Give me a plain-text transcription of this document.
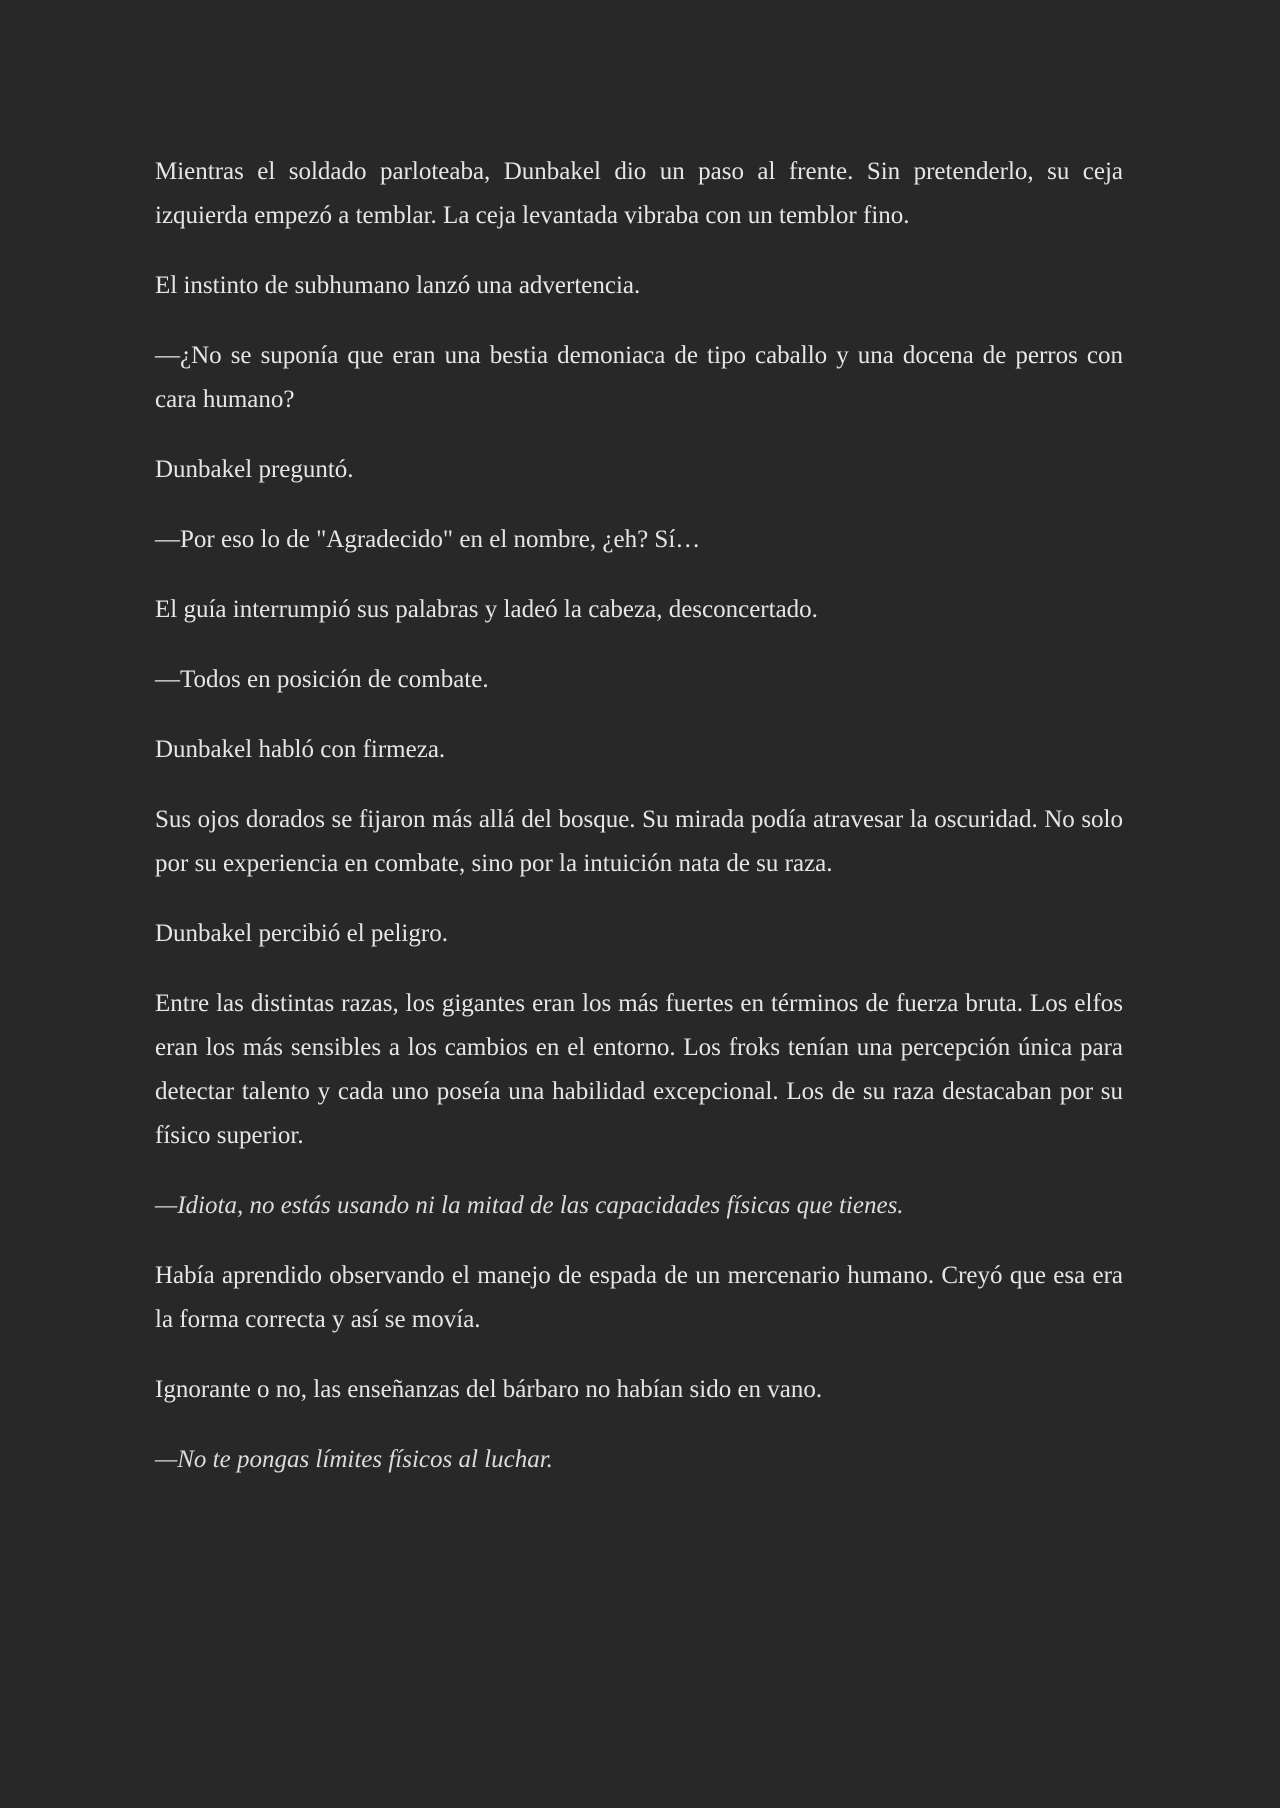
Mientras el soldado parloteaba, Dunbakel dio un paso al frente. Sin pretenderlo, su ceja izquierda empezó a temblar. La ceja levantada vibraba con un temblor fino.

El instinto de subhumano lanzó una advertencia.

—¿No se suponía que eran una bestia demoniaca de tipo caballo y una docena de perros con cara humano?

Dunbakel preguntó.

—Por eso lo de "Agradecido" en el nombre, ¿eh? Sí…

El guía interrumpió sus palabras y ladeó la cabeza, desconcertado.

—Todos en posición de combate.

Dunbakel habló con firmeza.

Sus ojos dorados se fijaron más allá del bosque. Su mirada podía atravesar la oscuridad. No solo por su experiencia en combate, sino por la intuición nata de su raza.

Dunbakel percibió el peligro.

Entre las distintas razas, los gigantes eran los más fuertes en términos de fuerza bruta. Los elfos eran los más sensibles a los cambios en el entorno. Los froks tenían una percepción única para detectar talento y cada uno poseía una habilidad excepcional. Los de su raza destacaban por su físico superior.

—Idiota, no estás usando ni la mitad de las capacidades físicas que tienes.

Había aprendido observando el manejo de espada de un mercenario humano. Creyó que esa era la forma correcta y así se movía.

Ignorante o no, las enseñanzas del bárbaro no habían sido en vano.

—No te pongas límites físicos al luchar.
